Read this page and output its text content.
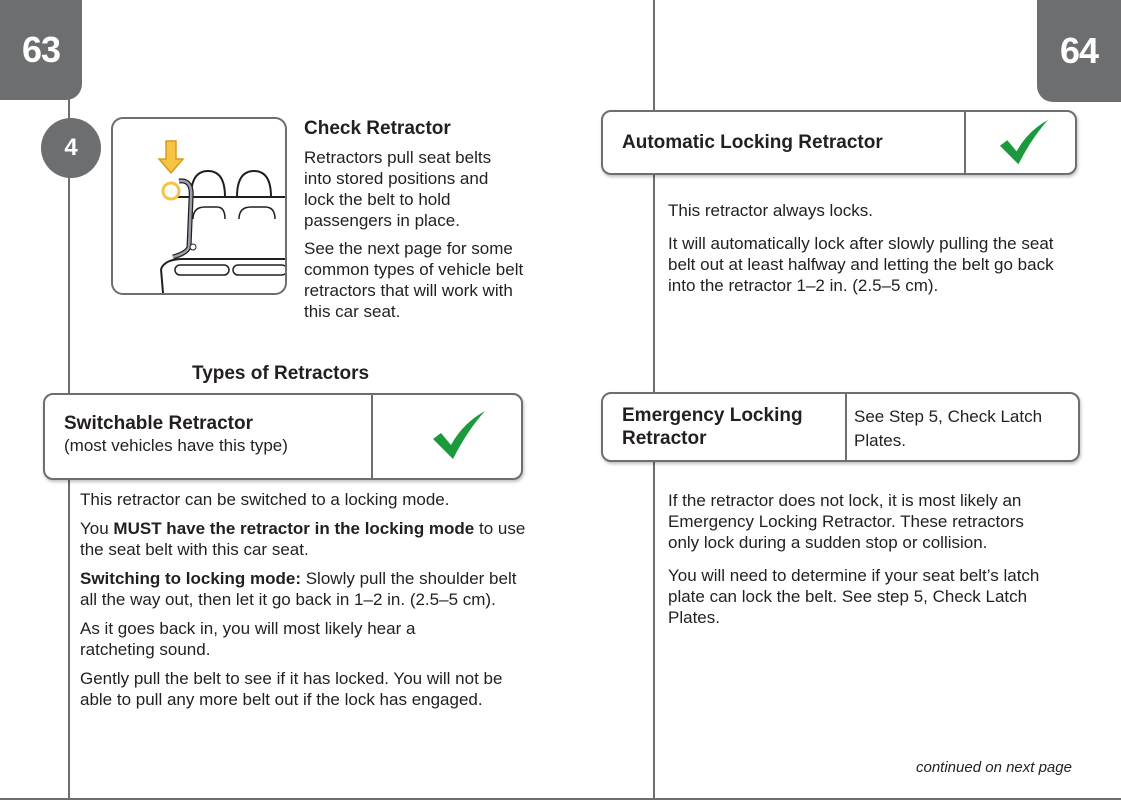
63	64
4
Check Retractor

Retractors pull seat belts into stored positions and lock the belt to hold passengers in place.

See the next page for some common types of vehicle belt retractors that will work with this car seat.

Types of Retractors
Switchable Retractor
(most vehicles have this type)

This retractor can be switched to a locking mode.

You MUST have the retractor in the locking mode to use the seat belt with this car seat.

Switching to locking mode: Slowly pull the shoulder belt all the way out, then let it go back in 1–2 in. (2.5–5 cm).

As it goes back in, you will most likely hear a ratcheting sound.

Gently pull the belt to see if it has locked. You will not be able to pull any more belt out if the lock has engaged.

Automatic Locking Retractor

This retractor always locks.

It will automatically lock after slowly pulling the seat belt out at least halfway and letting the belt go back into the retractor 1–2 in. (2.5–5 cm).

Emergency Locking Retractor
See Step 5, Check Latch Plates.

If the retractor does not lock, it is most likely an Emergency Locking Retractor. These retractors only lock during a sudden stop or collision.

You will need to determine if your seat belt’s latch plate can lock the belt. See step 5, Check Latch Plates.

continued on next page
